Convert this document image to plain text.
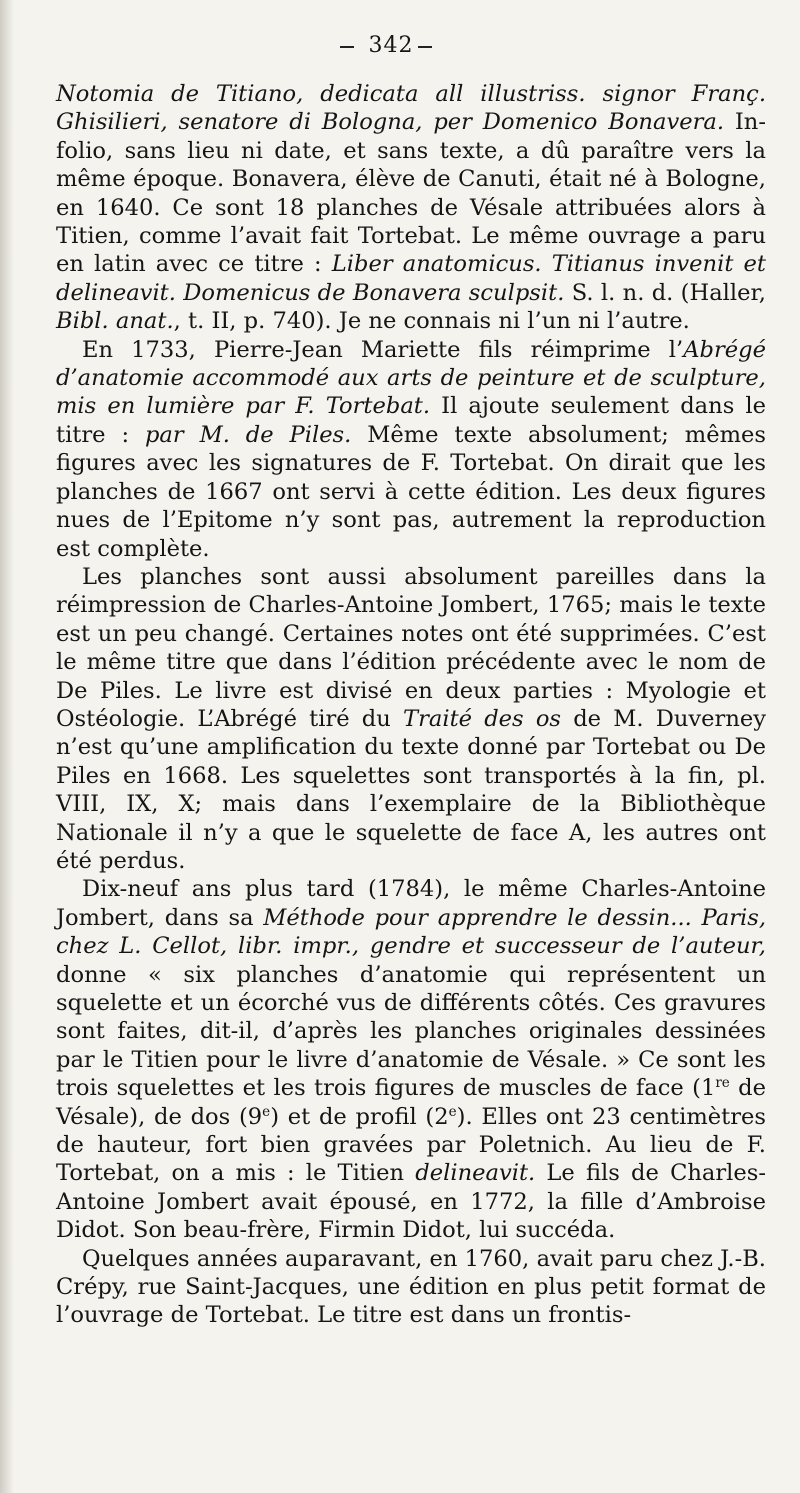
342

Notomia de Titiano, dedicata all illustriss. signor Franç. Ghisilieri, senatore di Bologna, per Domenico Bonavera. In-folio, sans lieu ni date, et sans texte, a dû paraître vers la même époque. Bonavera, élève de Canuti, était né à Bologne, en 1640. Ce sont 18 planches de Vésale attribuées alors à Titien, comme l’avait fait Tortebat. Le même ouvrage a paru en latin avec ce titre : Liber anatomicus. Titianus invenit et delineavit. Domenicus de Bonavera sculpsit. S. l. n. d. (Haller, Bibl. anat., t. II, p. 740). Je ne connais ni l’un ni l’autre.

En 1733, Pierre-Jean Mariette fils réimprime l’Abrégé d’anatomie accommodé aux arts de peinture et de sculpture, mis en lumière par F. Tortebat. Il ajoute seulement dans le titre : par M. de Piles. Même texte absolument; mêmes figures avec les signatures de F. Tortebat. On dirait que les planches de 1667 ont servi à cette édition. Les deux figures nues de l’Epitome n’y sont pas, autrement la reproduction est complète.

Les planches sont aussi absolument pareilles dans la réimpression de Charles-Antoine Jombert, 1765; mais le texte est un peu changé. Certaines notes ont été supprimées. C’est le même titre que dans l’édition précédente avec le nom de De Piles. Le livre est divisé en deux parties : Myologie et Ostéologie. L’Abrégé tiré du Traité des os de M. Duverney n’est qu’une amplification du texte donné par Tortebat ou De Piles en 1668. Les squelettes sont transportés à la fin, pl. VIII, IX, X; mais dans l’exemplaire de la Bibliothèque Nationale il n’y a que le squelette de face A, les autres ont été perdus.

Dix-neuf ans plus tard (1784), le même Charles-Antoine Jombert, dans sa Méthode pour apprendre le dessin... Paris, chez L. Cellot, libr. impr., gendre et successeur de l’auteur, donne « six planches d’anatomie qui représentent un squelette et un écorché vus de différents côtés. Ces gravures sont faites, dit-il, d’après les planches originales dessinées par le Titien pour le livre d’anatomie de Vésale. » Ce sont les trois squelettes et les trois figures de muscles de face (1re de Vésale), de dos (9e) et de profil (2e). Elles ont 23 centimètres de hauteur, fort bien gravées par Poletnich. Au lieu de F. Tortebat, on a mis : le Titien delineavit. Le fils de Charles-Antoine Jombert avait épousé, en 1772, la fille d’Ambroise Didot. Son beau-frère, Firmin Didot, lui succéda.

Quelques années auparavant, en 1760, avait paru chez J.-B. Crépy, rue Saint-Jacques, une édition en plus petit format de l’ouvrage de Tortebat. Le titre est dans un frontis-
